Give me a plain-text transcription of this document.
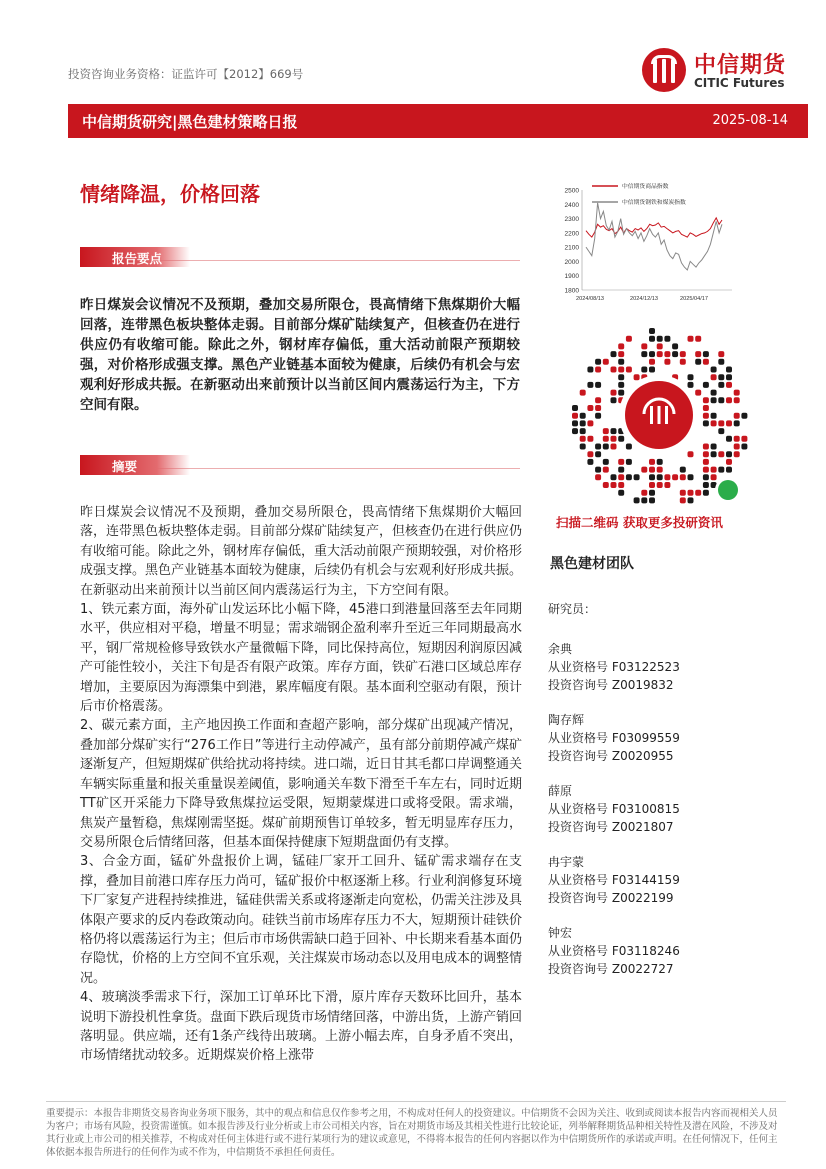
投资咨询业务资格：证监许可【2012】669号	中信期货
CITIC Futures
中信期货研究|黑色建材策略日报	2025-08-14
情绪降温，价格回落
报告要点
昨日煤炭会议情况不及预期，叠加交易所限仓，畏高情绪下焦煤期价大幅回落，连带黑色板块整体走弱。目前部分煤矿陆续复产，但核查仍在进行供应仍有收缩可能。除此之外，钢材库存偏低，重大活动前限产预期较强，对价格形成强支撑。黑色产业链基本面较为健康，后续仍有机会与宏观利好形成共振。在新驱动出来前预计以当前区间内震荡运行为主，下方空间有限。
摘要

昨日煤炭会议情况不及预期，叠加交易所限仓，畏高情绪下焦煤期价大幅回落，连带黑色板块整体走弱。目前部分煤矿陆续复产，但核查仍在进行供应仍有收缩可能。除此之外，钢材库存偏低，重大活动前限产预期较强，对价格形成强支撑。黑色产业链基本面较为健康，后续仍有机会与宏观利好形成共振。在新驱动出来前预计以当前区间内震荡运行为主，下方空间有限。

1、铁元素方面，海外矿山发运环比小幅下降，45港口到港量回落至去年同期水平，供应相对平稳，增量不明显；需求端钢企盈利率升至近三年同期最高水平，钢厂常规检修导致铁水产量微幅下降，同比保持高位，短期因利润原因减产可能性较小，关注下旬是否有限产政策。库存方面，铁矿石港口区域总库存增加，主要原因为海漂集中到港，累库幅度有限。基本面利空驱动有限，预计后市价格震荡。

2、碳元素方面，主产地因换工作面和查超产影响，部分煤矿出现减产情况，叠加部分煤矿实行“276工作日”等进行主动停减产，虽有部分前期停减产煤矿逐渐复产，但短期煤矿供给扰动将持续。进口端，近日甘其毛都口岸调整通关车辆实际重量和报关重量误差阈值，影响通关车数下滑至千车左右，同时近期TT矿区开采能力下降导致焦煤拉运受限，短期蒙煤进口或将受限。需求端，焦炭产量暂稳，焦煤刚需坚挺。煤矿前期预售订单较多，暂无明显库存压力，交易所限仓后情绪回落，但基本面保持健康下短期盘面仍有支撑。

3、合金方面，锰矿外盘报价上调，锰硅厂家开工回升、锰矿需求端存在支撑，叠加目前港口库存压力尚可，锰矿报价中枢逐渐上移。行业利润修复环境下厂家复产进程持续推进，锰硅供需关系或将逐渐走向宽松，仍需关注涉及具体限产要求的反内卷政策动向。硅铁当前市场库存压力不大，短期预计硅铁价格仍将以震荡运行为主；但后市市场供需缺口趋于回补、中长期来看基本面仍存隐忧，价格的上方空间不宜乐观，关注煤炭市场动态以及用电成本的调整情况。

4、玻璃淡季需求下行，深加工订单环比下滑，原片库存天数环比回升，基本说明下游投机性拿货。盘面下跌后现货市场情绪回落，中游出货，上游产销回落明显。供应端，还有1条产线待出玻璃。上游小幅去库，自身矛盾不突出，市场情绪扰动较多。近期煤炭价格上涨带

1800
1900
2000
2100
2200
2300
2400
2500
2024/08/13	2024/12/13	2025/04/17
中信期货商品指数
中信期货钢铁和煤炭指数
扫描二维码 获取更多投研资讯
黑色建材团队
研究员：
余典
从业资格号 F03122523
投资咨询号 Z0019832
陶存辉
从业资格号 F03099559
投资咨询号 Z0020955
薛原
从业资格号 F03100815
投资咨询号 Z0021807
冉宇蒙
从业资格号 F03144159
投资咨询号 Z0022199
钟宏
从业资格号 F03118246
投资咨询号 Z0022727
重要提示：本报告非期货交易咨询业务项下服务，其中的观点和信息仅作参考之用，不构成对任何人的投资建议。中信期货不会因为关注、收到或阅读本报告内容而视相关人员为客户；市场有风险，投资需谨慎。如本报告涉及行业分析或上市公司相关内容，旨在对期货市场及其相关性进行比较论证，列举解释期货品种相关特性及潜在风险，不涉及对其行业或上市公司的相关推荐，不构成对任何主体进行或不进行某项行为的建议或意见，不得将本报告的任何内容据以作为中信期货所作的承诺或声明。在任何情况下，任何主体依据本报告所进行的任何作为或不作为，中信期货不承担任何责任。
